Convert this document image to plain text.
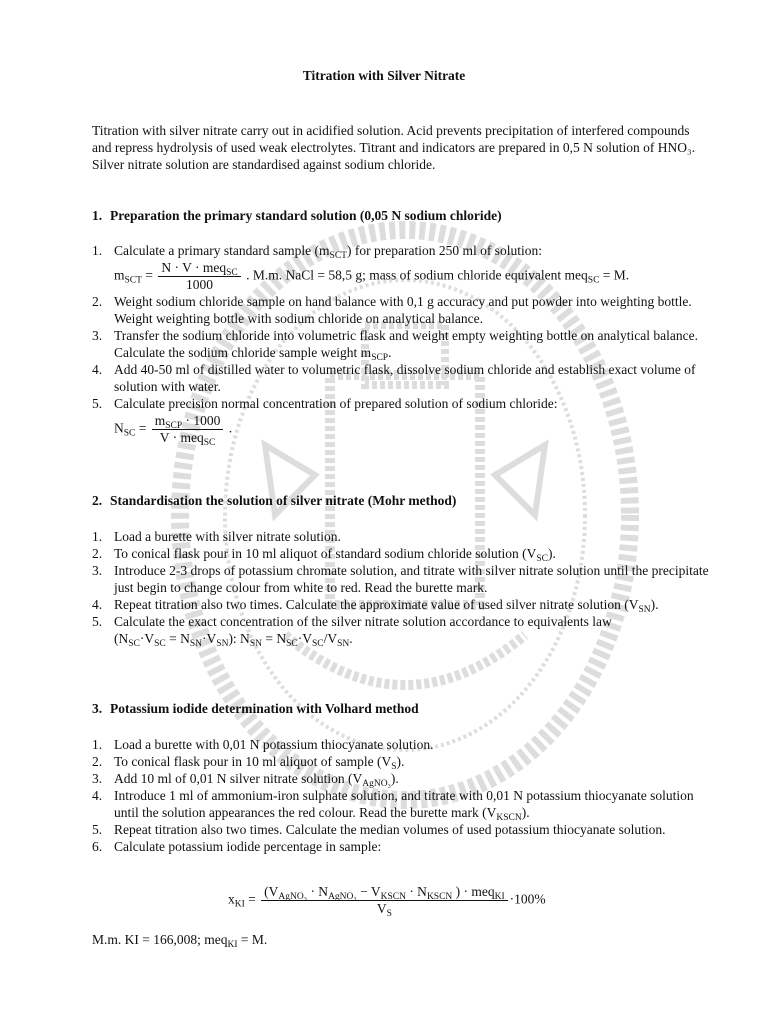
Titration with Silver Nitrate
Titration with silver nitrate carry out in acidified solution. Acid prevents precipitation of interfered compounds and repress hydrolysis of used weak electrolytes. Titrant and indicators are prepared in 0,5 N solution of HNO₃. Silver nitrate solution are standardised against sodium chloride.
1. Preparation the primary standard solution (0,05 N sodium chloride)
1. Calculate a primary standard sample $(m_{SCT})$ for preparation 250 ml of solution:
$m_{SCT} = \frac{N \cdot V \cdot meq_{SC}}{1000}$ . M.m. NaCl = 58,5 g; mass of sodium chloride equivalent meq$_{SC}$ = M.
2. Weight sodium chloride sample on hand balance with 0,1 g accuracy and put powder into weighting bottle. Weight weighting bottle with sodium chloride on analytical balance.
3. Transfer the sodium chloride into volumetric flask and weight empty weighting bottle on analytical balance. Calculate the sodium chloride sample weight $m_{SCP}$.
4. Add 40-50 ml of distilled water to volumetric flask, dissolve sodium chloride and establish exact volume of solution with water.
5. Calculate precision normal concentration of prepared solution of sodium chloride:
$N_{SC} = \frac{m_{SCP} \cdot 1000}{V \cdot meq_{SC}}$ .
2. Standardisation the solution of silver nitrate (Mohr method)
1. Load a burette with silver nitrate solution.
2. To conical flask pour in 10 ml aliquot of standard sodium chloride solution $(V_{SC})$.
3. Introduce 2-3 drops of potassium chromate solution, and titrate with silver nitrate solution until the precipitate just begin to change colour from white to red. Read the burette mark.
4. Repeat titration also two times. Calculate the approximate value of used silver nitrate solution $(V_{SN})$.
5. Calculate the exact concentration of the silver nitrate solution accordance to equivalents law
$(N_{SC}\cdot V_{SC} = N_{SN}\cdot V_{SN})$: $N_{SN} = N_{SC}\cdot V_{SC}/V_{SN}$.
3. Potassium iodide determination with Volhard method
1. Load a burette with 0,01 N potassium thiocyanate solution.
2. To conical flask pour in 10 ml aliquot of sample $(V_S)$.
3. Add 10 ml of 0,01 N silver nitrate solution $(V_{AgNO_3})$.
4. Introduce 1 ml of ammonium-iron sulphate solution, and titrate with 0,01 N potassium thiocyanate solution until the solution appearances the red colour. Read the burette mark $(V_{KSCN})$.
5. Repeat titration also two times. Calculate the median volumes of used potassium thiocyanate solution.
6. Calculate potassium iodide percentage in sample:
$x_{KI} = \frac{(V_{AgNO_3} \cdot N_{AgNO_3} - V_{KSCN} \cdot N_{KSCN} ) \cdot meq_{KI}}{V_S} \cdot 100\%$
M.m. KI = 166,008; meq$_{KI}$ = M.
